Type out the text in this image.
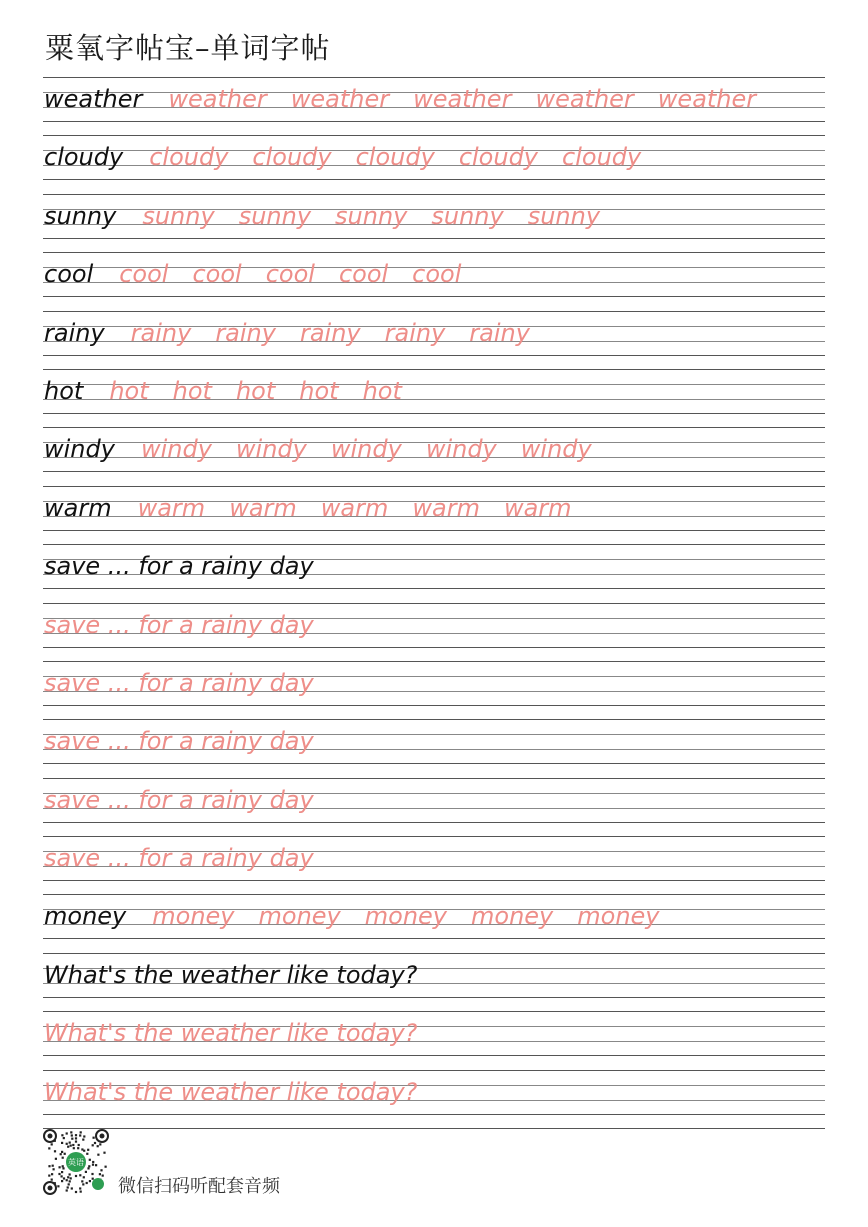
粟氧字帖宝–单词字帖
weather weather weather weather weather weather
cloudy cloudy cloudy cloudy cloudy cloudy
sunny sunny sunny sunny sunny sunny
cool cool cool cool cool cool
rainy rainy rainy rainy rainy rainy
hot hot hot hot hot hot
windy windy windy windy windy windy
warm warm warm warm warm warm
save ... for a rainy day
save ... for a rainy day
save ... for a rainy day
save ... for a rainy day
save ... for a rainy day
save ... for a rainy day
money money money money money money
What's the weather like today?
What's the weather like today?
What's the weather like today?
英语

微信扫码听配套音频
